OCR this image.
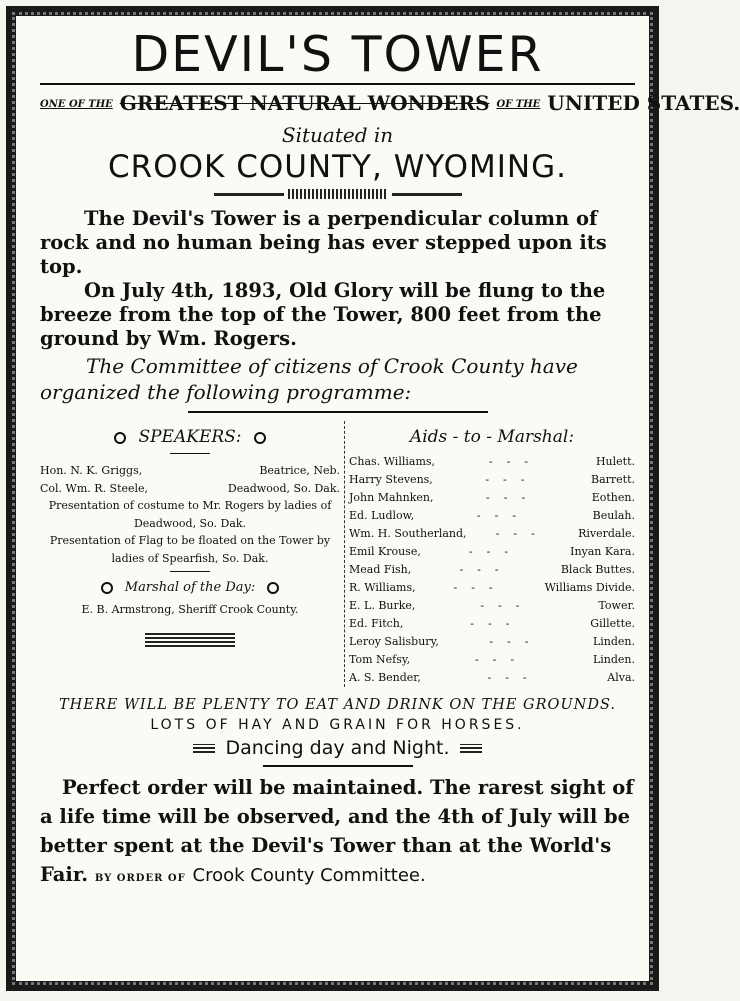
DEVIL'S TOWER
ONE OF THE GREATEST NATURAL WONDERS OF THE UNITED STATES.
Situated in
CROOK COUNTY, WYOMING.

The Devil's Tower is a perpendicular column of rock and no human being has ever stepped upon its top.

On July 4th, 1893, Old Glory will be flung to the breeze from the top of the Tower, 800 feet from the ground by Wm. Rogers.

The Committee of citizens of Crook County have organized the following programme:
SPEAKERS:
Hon. N. K. Griggs,	Beatrice, Neb.
Col. Wm. R. Steele,	Deadwood, So. Dak.
Presentation of costume to Mr. Rogers by ladies of Deadwood, So. Dak.
Presentation of Flag to be floated on the Tower by ladies of Spearfish, So. Dak.
Marshal of the Day:
E. B. Armstrong, Sheriff Crook County.
Aids - to - Marshal:
Chas. Williams,	---	Hulett.
Harry Stevens,	---	Barrett.
John Mahnken,	---	Eothen.
Ed. Ludlow,	---	Beulah.
Wm. H. Southerland,	---	Riverdale.
Emil Krouse,	---	Inyan Kara.
Mead Fish,	---	Black Buttes.
R. Williams,	---	Williams Divide.
E. L. Burke,	---	Tower.
Ed. Fitch,	---	Gillette.
Leroy Salisbury,	---	Linden.
Tom Nefsy,	---	Linden.
A. S. Bender,	---	Alva.
THERE WILL BE PLENTY TO EAT AND DRINK ON THE GROUNDS.
LOTS OF HAY AND GRAIN FOR HORSES.
Dancing day and Night.
Perfect order will be maintained. The rarest sight of a life time will be observed, and the 4th of July will be better spent at the Devil's Tower than at the World's Fair. BY ORDER OF Crook County Committee.
